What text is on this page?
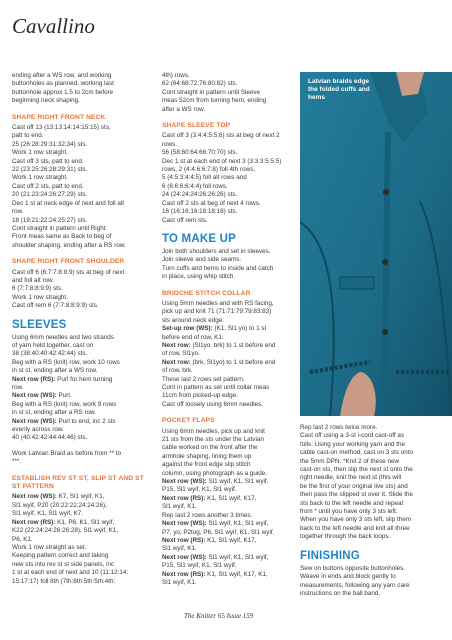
Cavallino
ending after a WS row, and working
buttonholes as planned, working last
buttonhole approx 1.5 to 2cm before
beginning neck shaping.
SHAPE RIGHT FRONT NECK
Cast off 13 (13:13:14:14:15:15) sts,
patt to end.
25 (26:28:29:31:32:34) sts.
Work 1 row straight.
Cast off 3 sts, patt to end.
22 (23:25:26:28:29:31) sts.
Work 1 row straight.
Cast off 2 sts, patt to end.
20 (21:23:24:26:27:29) sts.
Dec 1 st at neck edge of next and foll alt
row.
18 (19:21:22:24:25:27) sts.
Cont straight in pattern until Right
Front meas same as Back to beg of
shoulder shaping, ending after a RS row.
SHAPE RIGHT FRONT SHOULDER
Cast off 6 (6:7:7:8:8:9) sts at beg of next
and foll alt row.
6 (7:7:8:8:9:9) sts.
Work 1 row straight.
Cast off rem 6 (7:7:8:8:9:9) sts.
SLEEVES
Using 6mm needles and two strands
of yarn held together, cast on
38 (38:40:40:42:42:44) sts.
Beg with a RS (knit) row, work 10 rows
in st st, ending after a WS row.
Next row (RS): Purl for hem turning
row.
Next row (WS): Purl.
Beg with a RS (knit) row, work 9 rows
in st st, ending after a RS row.
Next row (WS): Purl to end, inc 2 sts
evenly across row.
40 (40:42:42:44:44:46) sts.
Work Latvian Braid as before from ** to
***.
ESTABLISH REV ST ST, SLIP ST AND ST ST PATTERN
Next row (WS): K7, Sl1 wyif, K1,
Sl1 wyif, P20 (20:22:22:24:24:26),
Sl1 wyif, K1, Sl1 wyif, K7.
Next row (RS): K1, P6, K1, Sl1 wyif,
K22 (22:24:24:26:26:28), Sl1 wyif, K1,
P6, K1.
Work 1 row straight as set.
Keeping pattern correct and taking
new sts into rev st st side panels, inc
1 st at each end of next and 10 (11:12:14:
15:17:17) foll 8th (7th:6th:5th:5th:4th:
4th) rows.
62 (64:68:72:76:80:82) sts.
Cont straight in pattern until Sleeve
meas 52cm from turning hem, ending
after a WS row.
SHAPE SLEEVE TOP
Cast off 3 (3:4:4:5:5:6) sts at beg of next 2
rows.
56 (58:60:64:66:70:70) sts.
Dec 1 st at each end of next 3 (3:3:3:5:5:5)
rows, 2 (4:4:6:6:7:8) foll 4th rows,
5 (4:5:3:4:4:5) foll alt rows and
6 (6:6:6:6:4:4) foll rows.
24 (24:24:24:26:26:26) sts.
Cast off 2 sts at beg of next 4 rows.
16 (16:16:16:18:18:18) sts.
Cast off rem sts.
TO MAKE UP
Join both shoulders and set in sleeves.
Join sleeve and side seams.
Turn cuffs and hems to inside and catch
in place, using whip stitch.
BRIOCHE STITCH COLLAR
Using 5mm needles and with RS facing,
pick up and knit 71 (71:71:79:79:83:83)
sts around neck edge.
Set-up row (WS): (K1, Sl1 yo) to 1 st
before end of row, K1.
Next row: (Sl1yo, brk) to 1 st before end
of row, Sl1yo.
Next row: (brk, Sl1yo) to 1 st before end
of row, brk.
These last 2 rows set pattern.
Cont in pattern as set until collar meas
11cm from picked-up edge.
Cast off loosely using 6mm needles.
POCKET FLAPS
Using 6mm needles, pick up and knit
21 sts from the sts under the Latvian
cable worked on the front after the
armhole shaping, lining them up
against the front edge slip stitch
column, using photograph as a guide.
Next row (WS): Sl1 wyif, K1, Sl1 wyif,
P15, Sl1 wyif, K1, Sl1 wyif.
Next row (RS): K1, Sl1 wyif, K17,
Sl1 wyif, K1.
Rep last 2 rows another 3 times.
Next row (WS): Sl1 wyif, K1, Sl1 wyif,
P7, yo, P2tog, P6, Sl1 wyif, K1, Sl1 wyif.
Next row (RS): K1, Sl1 wyif, K17,
Sl1 wyif, K1.
Next row (WS): Sl1 wyif, K1, Sl1 wyif,
P15, Sl1 wyif, K1, Sl1 wyif.
Next row (RS): K1, Sl1 wyif, K17, K1,
Sl1 wyif, K1.
Latvian braids edge the folded cuffs and hems
Rep last 2 rows twice more.
Cast off using a 3-st i-cord cast-off as
folls: Using your working yarn and the
cable cast-on method, cast on 3 sts onto
the 5mm DPN. *Knit 2 of these new
cast-on sts, then slip the next st onto the
right needle, knit the next st (this will
be the first of your original live sts) and
then pass the slipped st over it. Slide the
sts back to the left needle and repeat
from * until you have only 3 sts left.
When you have only 3 sts left, slip them
back to the left needle and knit all three
together through the back loops.
FINISHING
Sew on buttons opposite buttonholes.
Weave in ends and block gently to
measurements, following any yarn care
instructions on the ball band.
The Knitter 65 Issue 159
